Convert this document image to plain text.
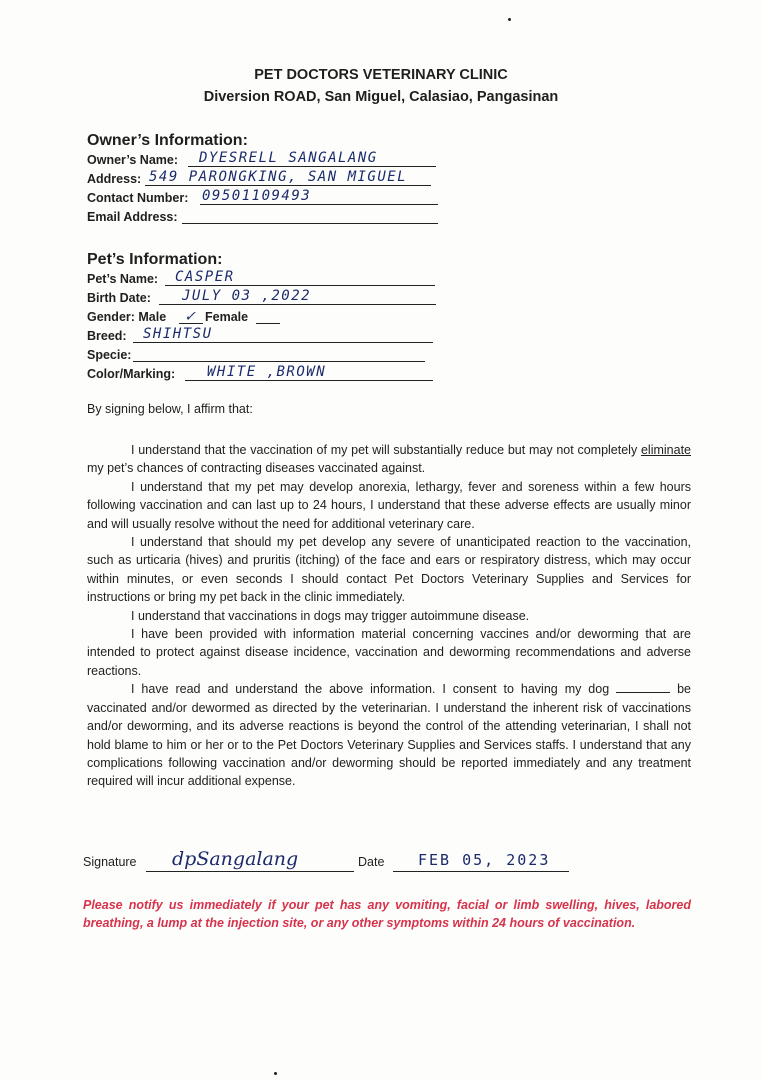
PET DOCTORS VETERINARY CLINIC
Diversion ROAD, San Miguel, Calasiao, Pangasinan
Owner’s Information:
Owner’s Name: DYESRELL SANGALANG
Address: 549 PARONGKING, SAN MIGUEL
Contact Number: 09501109493
Email Address:
Pet’s Information:
Pet’s Name: CASPER
Birth Date: JULY 03 ,2022
Gender: Male ✓ Female
Breed: SHIHTSU
Specie:
Color/Marking: WHITE ,BROWN
By signing below, I affirm that:

I understand that the vaccination of my pet will substantially reduce but may not completely eliminate my pet’s chances of contracting diseases vaccinated against.

I understand that my pet may develop anorexia, lethargy, fever and soreness within a few hours following vaccination and can last up to 24 hours, I understand that these adverse effects are usually minor and will usually resolve without the need for additional veterinary care.

I understand that should my pet develop any severe of unanticipated reaction to the vaccination, such as urticaria (hives) and pruritis (itching) of the face and ears or respiratory distress, which may occur within minutes, or even seconds I should contact Pet Doctors Veterinary Supplies and Services for instructions or bring my pet back in the clinic immediately.

I understand that vaccinations in dogs may trigger autoimmune disease.

I have been provided with information material concerning vaccines and/or deworming that are intended to protect against disease incidence, vaccination and deworming recommendations and adverse reactions.

I have read and understand the above information. I consent to having my dog	be vaccinated and/or dewormed as directed by the veterinarian. I understand the inherent risk of vaccinations and/or deworming, and its adverse reactions is beyond the control of the attending veterinarian, I shall not hold blame to him or her or to the Pet Doctors Veterinary Supplies and Services staffs. I understand that any complications following vaccination and/or deworming should be reported immediately and any treatment required will incur additional expense.

Signature dpSangalang	Date FEB 05, 2023
Please notify us immediately if your pet has any vomiting, facial or limb swelling, hives, labored breathing, a lump at the injection site, or any other symptoms within 24 hours of vaccination.
